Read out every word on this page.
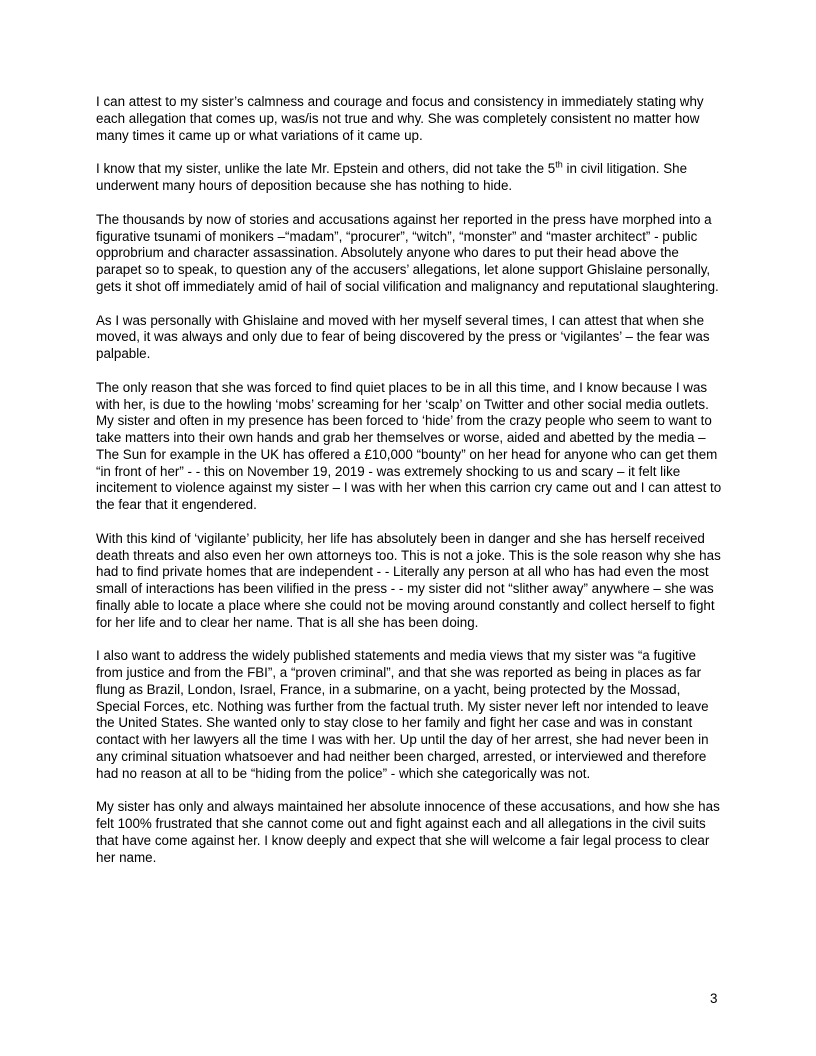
I can attest to my sister’s calmness and courage and focus and consistency in immediately stating why each allegation that comes up, was/is not true and why. She was completely consistent no matter how many times it came up or what variations of it came up.

I know that my sister, unlike the late Mr. Epstein and others, did not take the 5th in civil litigation. She underwent many hours of deposition because she has nothing to hide.

The thousands by now of stories and accusations against her reported in the press have morphed into a figurative tsunami of monikers –“madam”, “procurer”, “witch”, “monster” and “master architect” - public opprobrium and character assassination. Absolutely anyone who dares to put their head above the parapet so to speak, to question any of the accusers’ allegations, let alone support Ghislaine personally, gets it shot off immediately amid of hail of social vilification and malignancy and reputational slaughtering.

As I was personally with Ghislaine and moved with her myself several times, I can attest that when she moved, it was always and only due to fear of being discovered by the press or ‘vigilantes’ – the fear was palpable.

The only reason that she was forced to find quiet places to be in all this time, and I know because I was with her, is due to the howling ‘mobs’ screaming for her ‘scalp’ on Twitter and other social media outlets. My sister and often in my presence has been forced to ‘hide’ from the crazy people who seem to want to take matters into their own hands and grab her themselves or worse, aided and abetted by the media – The Sun for example in the UK has offered a £10,000 “bounty” on her head for anyone who can get them “in front of her” - - this on November 19, 2019 - was extremely shocking to us and scary – it felt like incitement to violence against my sister – I was with her when this carrion cry came out and I can attest to the fear that it engendered.

With this kind of ‘vigilante’ publicity, her life has absolutely been in danger and she has herself received death threats and also even her own attorneys too. This is not a joke. This is the sole reason why she has had to find private homes that are independent - - Literally any person at all who has had even the most small of interactions has been vilified in the press - - my sister did not “slither away” anywhere – she was finally able to locate a place where she could not be moving around constantly and collect herself to fight for her life and to clear her name. That is all she has been doing.

I also want to address the widely published statements and media views that my sister was “a fugitive from justice and from the FBI”, a “proven criminal”, and that she was reported as being in places as far flung as Brazil, London, Israel, France, in a submarine, on a yacht, being protected by the Mossad, Special Forces, etc. Nothing was further from the factual truth. My sister never left nor intended to leave the United States. She wanted only to stay close to her family and fight her case and was in constant contact with her lawyers all the time I was with her. Up until the day of her arrest, she had never been in any criminal situation whatsoever and had neither been charged, arrested, or interviewed and therefore had no reason at all to be “hiding from the police” - which she categorically was not.

My sister has only and always maintained her absolute innocence of these accusations, and how she has felt 100% frustrated that she cannot come out and fight against each and all allegations in the civil suits that have come against her. I know deeply and expect that she will welcome a fair legal process to clear her name.

3
